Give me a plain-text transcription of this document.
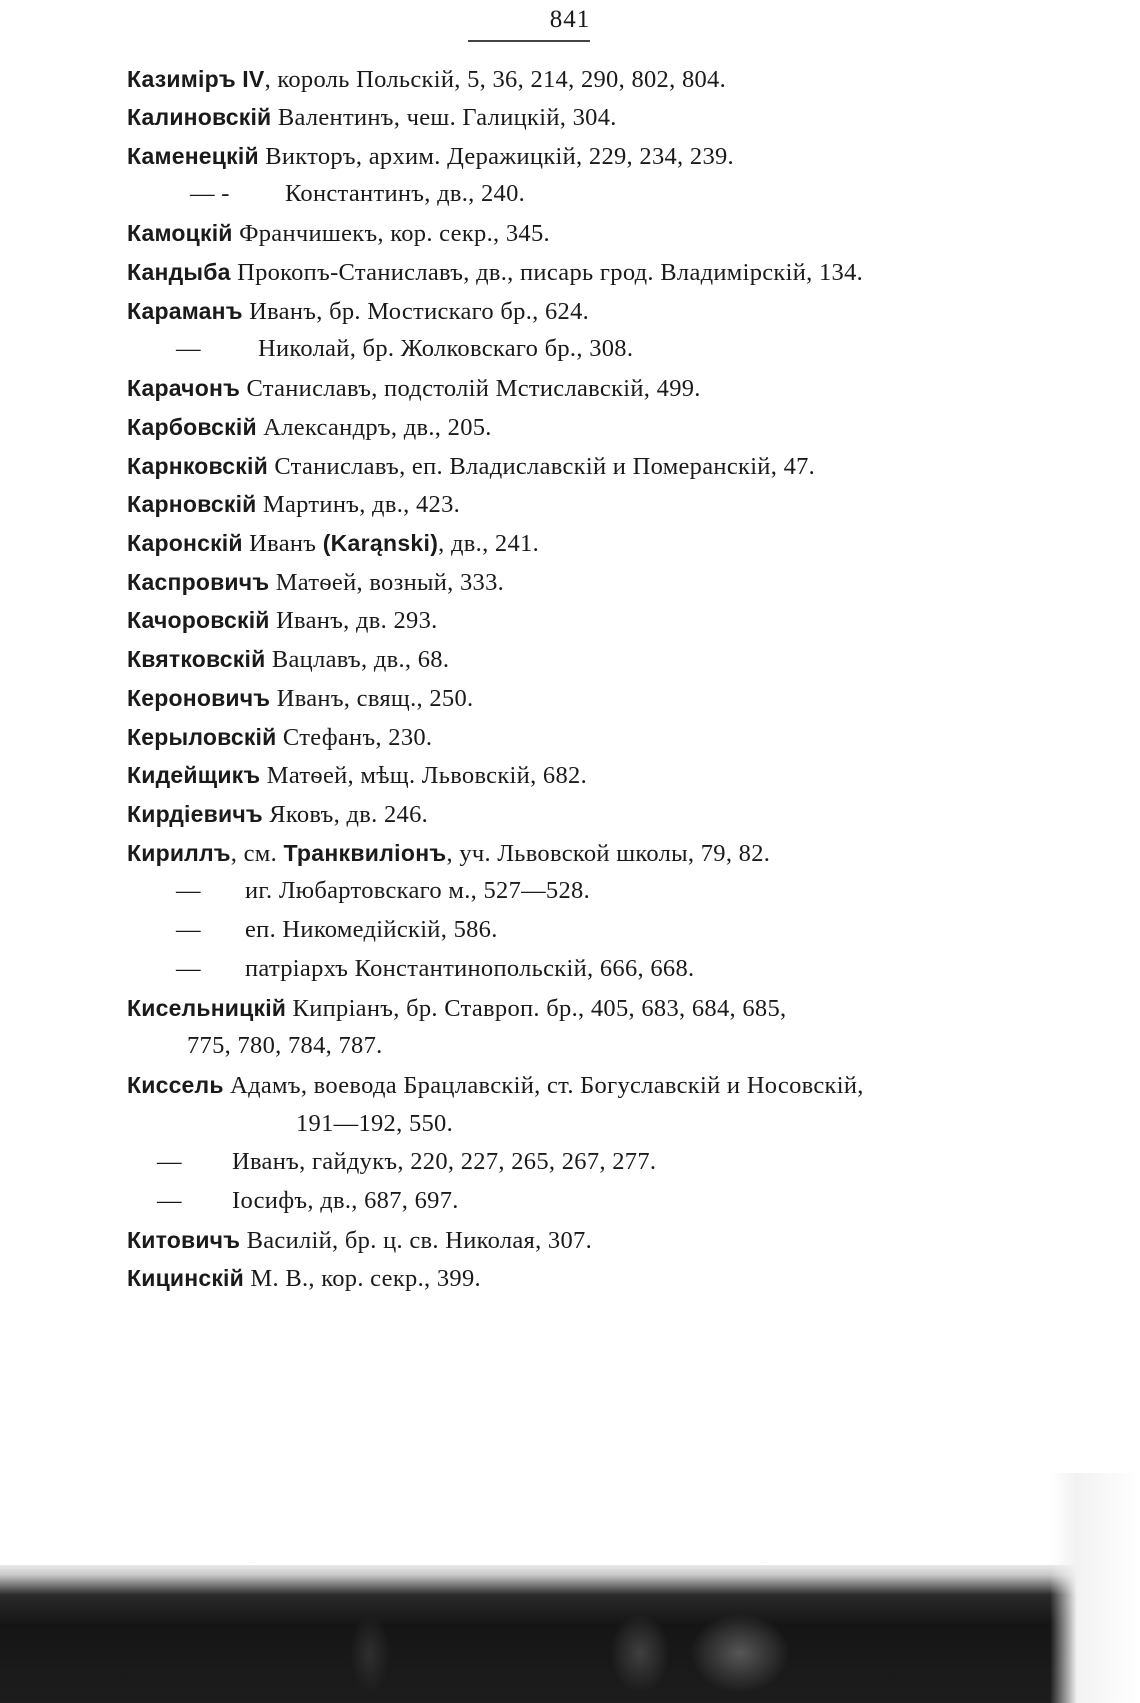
841
Казимiръ IV, король Польскiй, 5, 36, 214, 290, 802, 804.
Калиновскiй Валентинъ, чеш. Галицкiй, 304.
Каменецкiй Викторъ, архим. Деражицкiй, 229, 234, 239.
— - Константинъ, дв., 240.
Камоцкiй Франчишекъ, кор. секр., 345.
Кандыба Прокопъ-Станиславъ, дв., писарь грод. Владимiрскiй, 134.
Караманъ Иванъ, бр. Мостискаго бр., 624.
— Николай, бр. Жолковскаго бр., 308.
Карачонъ Станиславъ, подстолiй Мстиславскiй, 499.
Карбовскiй Александръ, дв., 205.
Карнковскiй Станиславъ, еп. Владиславскiй и Померанскiй, 47.
Карновскiй Мартинъ, дв., 423.
Каронскiй Иванъ (Karąnski), дв., 241.
Каспровичъ Матѳей, возный, 333.
Качоровскiй Иванъ, дв. 293.
Квятковскiй Вацлавъ, дв., 68.
Кероновичъ Иванъ, свящ., 250.
Керыловскiй Стефанъ, 230.
Кидейщикъ Матѳей, мѣщ. Львовскiй, 682.
Кирдiевичъ Яковъ, дв. 246.
Кириллъ, см. Транквилiонъ, уч. Львовской школы, 79, 82.
— иг. Любартовскаго м., 527—528.
— еп. Никомедiйскiй, 586.
— патрiархъ Константинопольскiй, 666, 668.
Кисельницкiй Кипрiанъ, бр. Ставроп. бр., 405, 683, 684, 685,
775, 780, 784, 787.
Киссель Адамъ, воевода Брацлавскiй, ст. Богуславскiй и Носовскiй,
191—192, 550.
— Иванъ, гайдукъ, 220, 227, 265, 267, 277.
— Iосифъ, дв., 687, 697.
Китовичъ Василiй, бр. ц. св. Николая, 307.
Кицинскiй М. В., кор. секр., 399.
